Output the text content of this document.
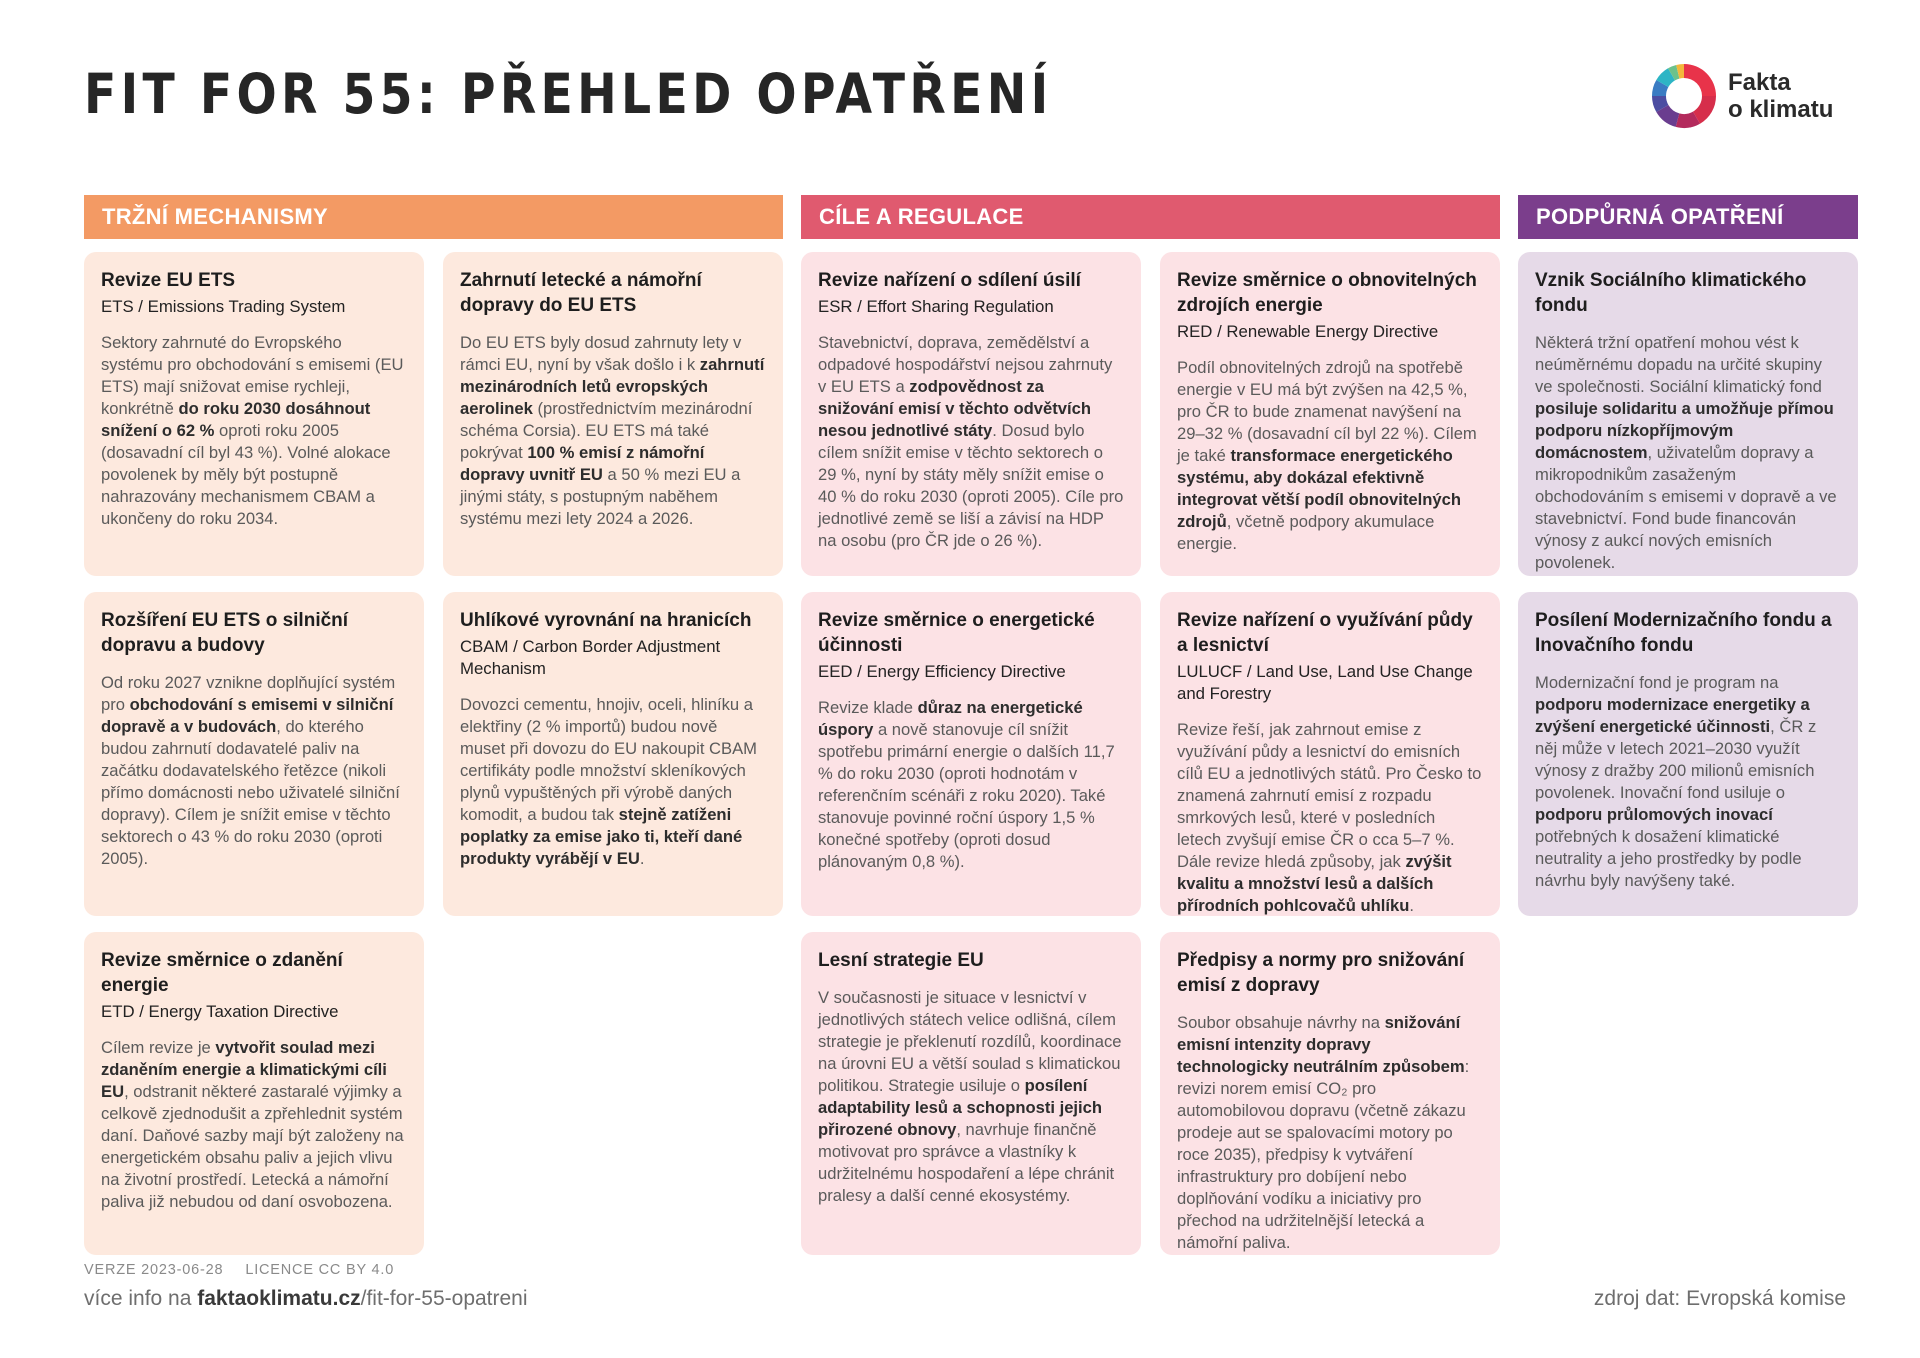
FIT FOR 55: PŘEHLED OPATŘENÍ	Fakta
o klimatu
TRŽNÍ MECHANISMY	CÍLE A REGULACE	PODPŮRNÁ OPATŘENÍ
Revize EU ETS
ETS / Emissions Trading System
Sektory zahrnuté do Evropského systému pro obchodování s emisemi (EU ETS) mají snižovat emise rychleji, konkrétně do roku 2030 dosáhnout snížení o 62 % oproti roku 2005 (dosavadní cíl byl 43 %). Volné alokace povolenek by měly být postupně nahrazovány mechanismem CBAM a ukončeny do roku 2034.
Zahrnutí letecké a námořní dopravy do EU ETS
Do EU ETS byly dosud zahrnuty lety v rámci EU, nyní by však došlo i k zahrnutí mezinárodních letů evropských aerolinek (prostřednictvím mezinárodní schéma Corsia). EU ETS má také pokrývat 100 % emisí z námořní dopravy uvnitř EU a 50 % mezi EU a jinými státy, s postupným naběhem systému mezi lety 2024 a 2026.
Revize nařízení o sdílení úsilí
ESR / Effort Sharing Regulation
Stavebnictví, doprava, zemědělství a odpadové hospodářství nejsou zahrnuty v EU ETS a zodpovědnost za snižování emisí v těchto odvětvích nesou jednotlivé státy. Dosud bylo cílem snížit emise v těchto sektorech o 29 %, nyní by státy měly snížit emise o 40 % do roku 2030 (oproti 2005). Cíle pro jednotlivé země se liší a závisí na HDP na osobu (pro ČR jde o 26 %).
Revize směrnice o obnovitelných zdrojích energie
RED / Renewable Energy Directive
Podíl obnovitelných zdrojů na spotřebě energie v EU má být zvýšen na 42,5 %, pro ČR to bude znamenat navýšení na 29–32 % (dosavadní cíl byl 22 %). Cílem je také transformace energetického systému, aby dokázal efektivně integrovat větší podíl obnovitelných zdrojů, včetně podpory akumulace energie.
Vznik Sociálního klimatického fondu
Některá tržní opatření mohou vést k neúměrnému dopadu na určité skupiny ve společnosti. Sociální klimatický fond posiluje solidaritu a umožňuje přímou podporu nízkopříjmovým domácnostem, uživatelům dopravy a mikropodnikům zasaženým obchodováním s emisemi v dopravě a ve stavebnictví. Fond bude financován výnosy z aukcí nových emisních povolenek.
Rozšíření EU ETS o silniční dopravu a budovy
Od roku 2027 vznikne doplňující systém pro obchodování s emisemi v silniční dopravě a v budovách, do kterého budou zahrnutí dodavatelé paliv na začátku dodavatelského řetězce (nikoli přímo domácnosti nebo uživatelé silniční dopravy). Cílem je snížit emise v těchto sektorech o 43 % do roku 2030 (oproti 2005).
Uhlíkové vyrovnání na hranicích
CBAM / Carbon Border Adjustment Mechanism
Dovozci cementu, hnojiv, oceli, hliníku a elektřiny (2 % importů) budou nově muset při dovozu do EU nakoupit CBAM certifikáty podle množství skleníkových plynů vypuštěných při výrobě daných komodit, a budou tak stejně zatíženi poplatky za emise jako ti, kteří dané produkty vyrábějí v EU.
Revize směrnice o energetické účinnosti
EED / Energy Efficiency Directive
Revize klade důraz na energetické úspory a nově stanovuje cíl snížit spotřebu primární energie o dalších 11,7 % do roku 2030 (oproti hodnotám v referenčním scénáři z roku 2020). Také stanovuje povinné roční úspory 1,5 % konečné spotřeby (oproti dosud plánovaným 0,8 %).
Revize nařízení o využívání půdy a lesnictví
LULUCF / Land Use, Land Use Change and Forestry
Revize řeší, jak zahrnout emise z využívání půdy a lesnictví do emisních cílů EU a jednotlivých států. Pro Česko to znamená zahrnutí emisí z rozpadu smrkových lesů, které v posledních letech zvyšují emise ČR o cca 5–7 %. Dále revize hledá způsoby, jak zvýšit kvalitu a množství lesů a dalších přírodních pohlcovačů uhlíku.
Posílení Modernizačního fondu a Inovačního fondu
Modernizační fond je program na podporu modernizace energetiky a zvýšení energetické účinnosti, ČR z něj může v letech 2021–2030 využít výnosy z dražby 200 milionů emisních povolenek. Inovační fond usiluje o podporu průlomových inovací potřebných k dosažení klimatické neutrality a jeho prostředky by podle návrhu byly navýšeny také.
Revize směrnice o zdanění energie
ETD / Energy Taxation Directive
Cílem revize je vytvořit soulad mezi zdaněním energie a klimatickými cíli EU, odstranit některé zastaralé výjimky a celkově zjednodušit a zpřehlednit systém daní. Daňové sazby mají být založeny na energetickém obsahu paliv a jejich vlivu na životní prostředí. Letecká a námořní paliva již nebudou od daní osvobozena.
Lesní strategie EU
V současnosti je situace v lesnictví v jednotlivých státech velice odlišná, cílem strategie je překlenutí rozdílů, koordinace na úrovni EU a větší soulad s klimatickou politikou. Strategie usiluje o posílení adaptability lesů a schopnosti jejich přirozené obnovy, navrhuje finančně motivovat pro správce a vlastníky k udržitelnému hospodaření a lépe chránit pralesy a další cenné ekosystémy.
Předpisy a normy pro snižování emisí z dopravy
Soubor obsahuje návrhy na snižování emisní intenzity dopravy technologicky neutrálním způsobem: revizi norem emisí CO₂ pro automobilovou dopravu (včetně zákazu prodeje aut se spalovacími motory po roce 2035), předpisy k vytváření infrastruktury pro dobíjení nebo doplňování vodíku a iniciativy pro přechod na udržitelnější letecká a námořní paliva.
VERZE 2023-06-28 LICENCE CC BY 4.0
více info na faktaoklimatu.cz/fit-for-55-opatreni	zdroj dat: Evropská komise
